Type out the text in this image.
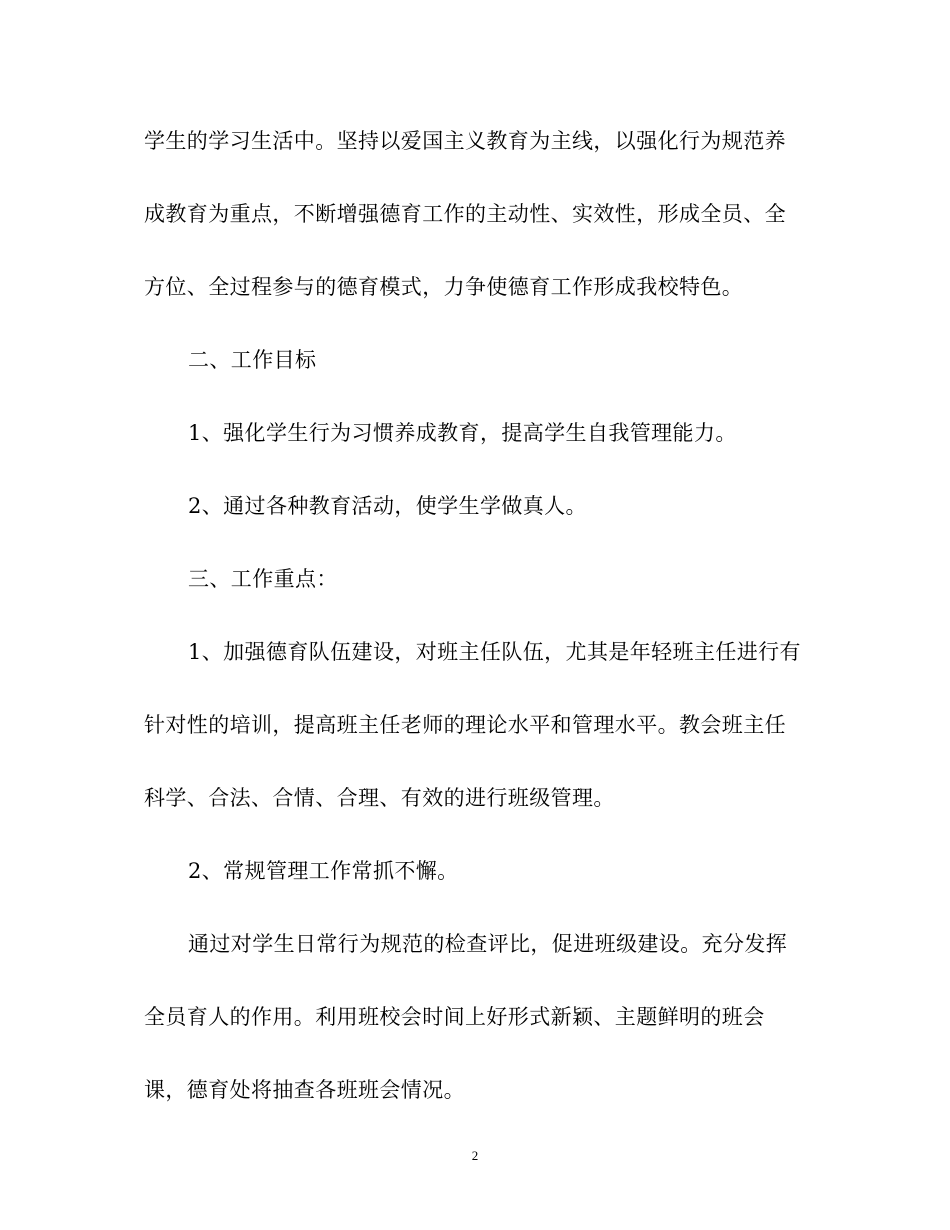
学生的学习生活中。坚持以爱国主义教育为主线，以强化行为规范养
成教育为重点，不断增强德育工作的主动性、实效性，形成全员、全
方位、全过程参与的德育模式，力争使德育工作形成我校特色。
二、工作目标
1、强化学生行为习惯养成教育，提高学生自我管理能力。
2、通过各种教育活动，使学生学做真人。
三、工作重点：
1、加强德育队伍建设，对班主任队伍，尤其是年轻班主任进行有
针对性的培训，提高班主任老师的理论水平和管理水平。教会班主任
科学、合法、合情、合理、有效的进行班级管理。
2、常规管理工作常抓不懈。
通过对学生日常行为规范的检查评比，促进班级建设。充分发挥
全员育人的作用。利用班校会时间上好形式新颖、主题鲜明的班会
课，德育处将抽查各班班会情况。
2
